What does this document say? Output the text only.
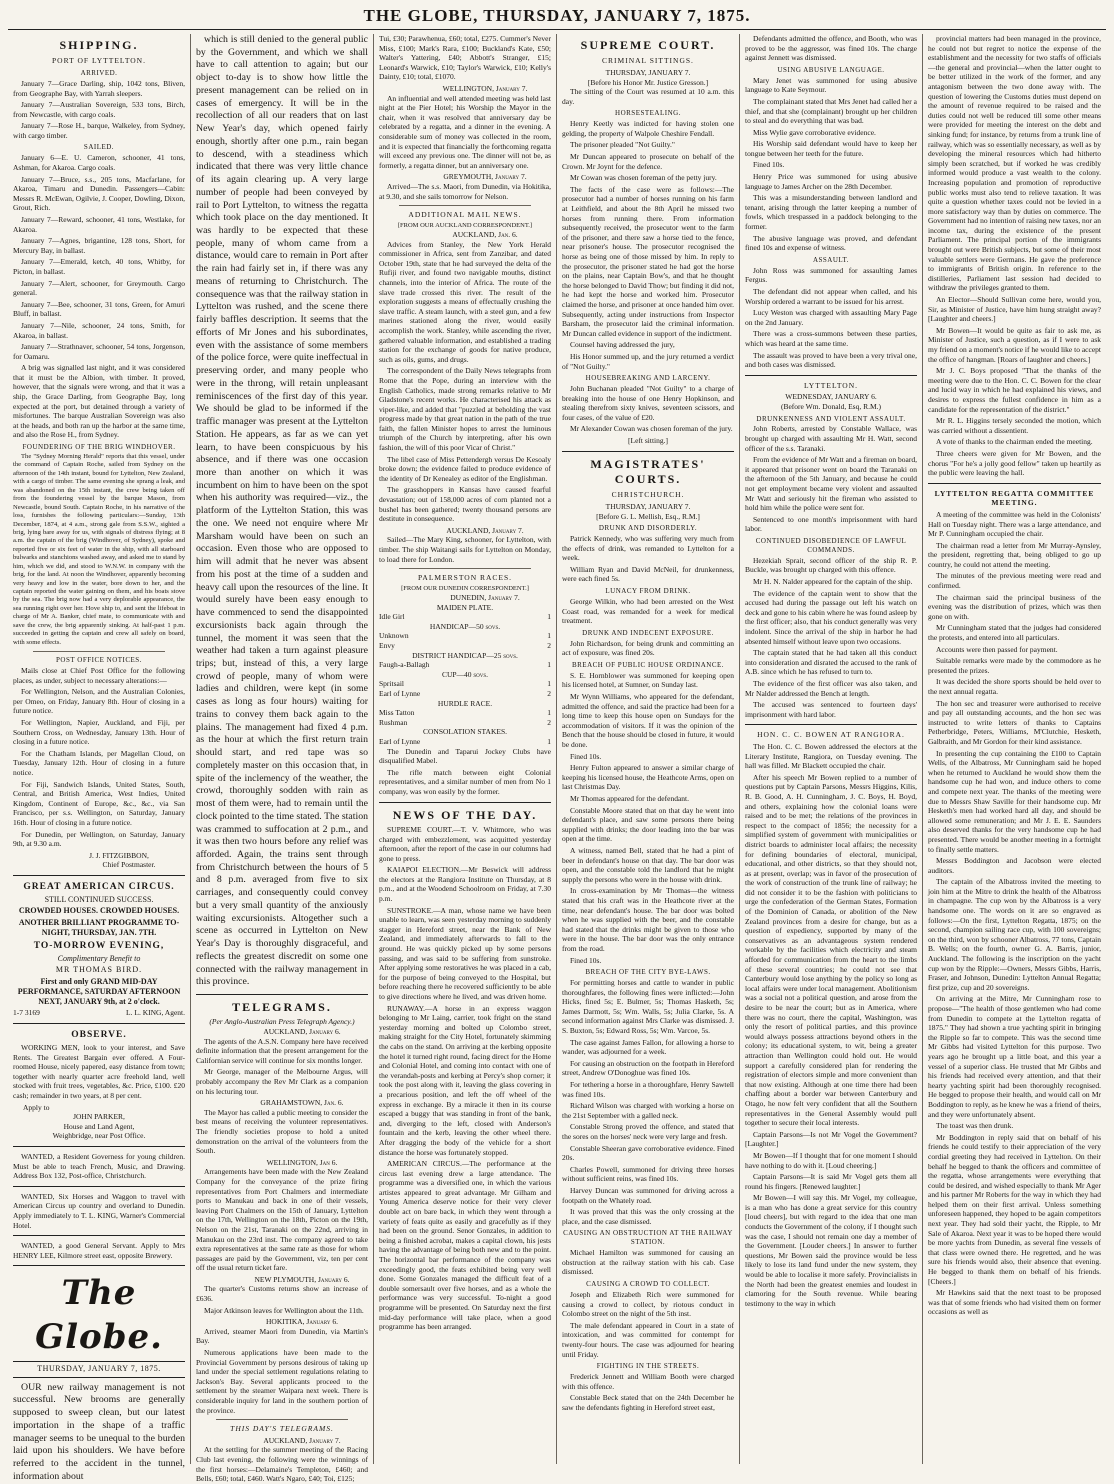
THE GLOBE, THURSDAY, JANUARY 7, 1875.
SHIPPING.
PORT OF LYTTELTON.
ARRIVED.

January 7—Grace Darling, ship, 1042 tons, Bliven, from Geographe Bay, with Yarrah sleepers.

January 7—Australian Sovereign, 533 tons, Birch, from Newcastle, with cargo coals.

January 7—Rose H., barque, Walkeley, from Sydney, with cargo timber.

SAILED.

January 6—E. U. Cameron, schooner, 41 tons, Ashman, for Akaroa. Cargo coals.

January 7—Bruce, s.s., 205 tons, Macfarlane, for Akaroa, Timaru and Dunedin. Passengers—Cabin: Messrs R. McEwan, Ogilvie, J. Cooper, Dowling, Dixon, Grout, Rich.

January 7—Reward, schooner, 41 tons, Westlake, for Akaroa.

January 7—Agnes, brigantine, 128 tons, Short, for Mercury Bay, in ballast.

January 7—Emerald, ketch, 40 tons, Whitby, for Picton, in ballast.

January 7—Alert, schooner, for Greymouth. Cargo general.

January 7—Bee, schooner, 31 tons, Green, for Amuri Bluff, in ballast.

January 7—Nile, schooner, 24 tons, Smith, for Akaroa, in ballast.

January 7—Strathnaver, schooner, 54 tons, Jorgenson, for Oamaru.

A brig was signalled last night, and it was considered that it must be the Albion, with timber. It proved, however, that the signals were wrong, and that it was a ship, the Grace Darling, from Geographe Bay, long expected at the port, but detained through a variety of misfortunes. The barque Australian Sovereign was also at the heads, and both ran up the harbor at the same time, and also the Rose H., from Sydney.

FOUNDERING OF THE BRIG WINDHOVER.

The "Sydney Morning Herald" reports that this vessel, under the command of Captain Roche, sailed from Sydney on the afternoon of the 14th instant, bound for Lyttelton, New Zealand, with a cargo of timber. The same evening she sprang a leak, and was abandoned on the 15th instant, the crew being taken off from the foundering vessel by the barque Mason, from Newcastle, bound South. Captain Roche, in his narrative of the loss, furnishes the following particulars:—Sunday, 13th December, 1874, at 4 a.m., strong gale from S.S.W., sighted a brig, lying bare away for us, with signals of distress flying; at 8 a.m. the captain of the brig (Windhover, of Sydney), spoke and reported five or six feet of water in the ship, with all starboard bulwarks and stanchions washed away, and asked me to stand by him, which we did, and stood to W.N.W. in company with the brig, for the land. At noon the Windhover, apparently becoming very heavy and low in the water, bore down to her, and the captain reported the water gaining on them, and his boats stove by the sea. The brig now had a very deplorable appearance, the sea running right over her. Hove ship to, and sent the lifeboat in charge of Mr A. Banker, chief mate, to communicate with and save the crew, the brig apparently sinking. At half-past 1 p.m. succeeded in getting the captain and crew all safely on board, with some effects.

POST OFFICE NOTICES.

Mails close at Chief Post Office for the following places, as under, subject to necessary alterations:—

For Wellington, Nelson, and the Australian Colonies, per Omeo, on Friday, January 8th. Hour of closing in a future notice.

For Wellington, Napier, Auckland, and Fiji, per Southern Cross, on Wednesday, January 13th. Hour of closing in a future notice.

For the Chatham Islands, per Magellan Cloud, on Tuesday, January 12th. Hour of closing in a future notice.

For Fiji, Sandwich Islands, United States, South, Central, and British America, West Indies, United Kingdom, Continent of Europe, &c., &c., via San Francisco, per s.s. Wellington, on Saturday, January 16th. Hour of closing in a future notice.

For Dunedin, per Wellington, on Saturday, January 9th, at 9.30 a.m.

J. J. FITZGIBBON,
Chief Postmaster.
GREAT AMERICAN CIRCUS.
STILL CONTINUED SUCCESS.
CROWDED HOUSES. CROWDED HOUSES.
ANOTHER BRILLIANT PROGRAMME TO-NIGHT, THURSDAY, JAN. 7TH.
TO-MORROW EVENING,
Complimentary Benefit to
MR THOMAS BIRD.
First and only GRAND MID-DAY PERFORMANCE, SATURDAY AFTERNOON NEXT, JANUARY 9th, at 2 o'clock.
1-7 3169	L. L. KING, Agent.
OBSERVE.

WORKING MEN, look to your interest, and Save Rents. The Greatest Bargain ever offered. A Four-roomed House, nicely papered, easy distance from town; together with nearly quarter acre freehold land, well stocked with fruit trees, vegetables, &c. Price, £100. £20 cash; remainder in two years, at 8 per cent.

Apply to
JOHN PARKER,
House and Land Agent,
Weighbridge, near Post Office.

WANTED, a Resident Governess for young children. Must be able to teach French, Music, and Drawing. Address Box 132, Post-office, Christchurch.

WANTED, Six Horses and Waggon to travel with American Circus up country and overland to Dunedin. Apply immediately to T. L. KING, Warner's Commercial Hotel.

WANTED, a good General Servant. Apply to Mrs HENRY LEE, Kilmore street east, opposite Brewery.

The Globe.
THURSDAY, JANUARY 7, 1875.

OUR new railway management is not successful. New brooms are generally supposed to sweep clean, but our latest importation in the shape of a traffic manager seems to be unequal to the burden laid upon his shoulders. We have before referred to the accident in the tunnel, information about

which is still denied to the general public by the Government, and which we shall have to call attention to again; but our object to-day is to show how little the present management can be relied on in cases of emergency. It will be in the recollection of all our readers that on last New Year's day, which opened fairly enough, shortly after one p.m., rain began to descend, with a steadiness which indicated that there was very little chance of its again clearing up. A very large number of people had been conveyed by rail to Port Lyttelton, to witness the regatta which took place on the day mentioned. It was hardly to be expected that these people, many of whom came from a distance, would care to remain in Port after the rain had fairly set in, if there was any means of returning to Christchurch. The consequence was that the railway station in Lyttelton was rushed, and the scene there fairly baffles description. It seems that the efforts of Mr Jones and his subordinates, even with the assistance of some members of the police force, were quite ineffectual in preserving order, and many people who were in the throng, will retain unpleasant reminiscences of the first day of this year. We should be glad to be informed if the traffic manager was present at the Lyttelton Station. He appears, as far as we can yet learn, to have been conspicuous by his absence, and if there was one occasion more than another on which it was incumbent on him to have been on the spot when his authority was required—viz., the platform of the Lyttelton Station, this was the one. We need not enquire where Mr Marsham would have been on such an occasion. Even those who are opposed to him will admit that he never was absent from his post at the time of a sudden and heavy call upon the resources of the line. It would surely have been easy enough to have commenced to send the disappointed excursionists back again through the tunnel, the moment it was seen that the weather had taken a turn against pleasure trips; but, instead of this, a very large crowd of people, many of whom were ladies and children, were kept (in some cases as long as four hours) waiting for trains to convey them back again to the plains. The management had fixed 4 p.m. as the hour at which the first return train should start, and red tape was so completely master on this occasion that, in spite of the inclemency of the weather, the crowd, thoroughly sodden with rain as most of them were, had to remain until the clock pointed to the time stated. The station was crammed to suffocation at 2 p.m., and it was then two hours before any relief was afforded. Again, the trains sent through from Christchurch between the hours of 5 and 8 p.m. averaged from five to six carriages, and consequently could convey but a very small quantity of the anxiously waiting excursionists. Altogether such a scene as occurred in Lyttelton on New Year's Day is thoroughly disgraceful, and reflects the greatest discredit on some one connected with the railway management in this province.

TELEGRAMS.
(Per Anglo-Australian Press Telegraph Agency.)
AUCKLAND, January 6.

The agents of the A.S.N. Company here have received definite information that the present arrangement for the Californian service will continue for six months longer.

Mr George, manager of the Melbourne Argus, will probably accompany the Rev Mr Clark as a companion on his lecturing tour.

GRAHAMSTOWN, Jan. 6.

The Mayor has called a public meeting to consider the best means of receiving the volunteer representatives. The friendly societies propose to hold a united demonstration on the arrival of the volunteers from the South.

WELLINGTON, Jan 6.

Arrangements have been made with the New Zealand Company for the conveyance of the prize firing representatives from Port Chalmers and intermediate ports to Manukau and back in one of their vessels, leaving Port Chalmers on the 15th of January, Lyttelton on the 17th, Wellington on the 18th, Picton on the 19th, Nelson on the 21st, Taranaki on the 22nd, arriving in Manukau on the 23rd inst. The company agreed to take extra representatives at the same rate as those for whom passages are paid by the Government, viz, ten per cent off the usual return ticket fare.

NEW PLYMOUTH, January 6.

The quarter's Customs returns show an increase of £636.

Major Atkinson leaves for Wellington about the 11th.

HOKITIKA, January 6.

Arrived, steamer Maori from Dunedin, via Martin's Bay.

Numerous applications have been made to the Provincial Government by persons desirous of taking up land under the special settlement regulations relating to Jackson's Bay. Several applicants proceed to the settlement by the steamer Waipara next week. There is considerable inquiry for land in the southern portion of the province.

THIS DAY'S TELEGRAMS.
AUCKLAND, January 7.

At the settling for the summer meeting of the Racing Club last evening, the following were the winnings of the first horses:—Delamaine's Templeton, £460; and Bells, £60; total, £460. Watt's Ngaro, £40; Toi, £125;

Tui, £30; Parawhenua, £60; total, £275. Cummer's Never Miss, £100; Mark's Rara, £100; Buckland's Kate, £50; Walter's Yattering, £40; Abbott's Stranger, £15; Leonard's Warwick, £10; Taylor's Warwick, £10; Kelly's Dainty, £10; total, £1070.

WELLINGTON, January 7.

An influential and well attended meeting was held last night at the Pier Hotel; his Worship the Mayor in the chair, when it was resolved that anniversary day be celebrated by a regatta, and a dinner in the evening. A considerable sum of money was collected in the room, and it is expected that financially the forthcoming regatta will exceed any previous one. The dinner will not be, as formerly, a regatta dinner, but an anniversary one.

GREYMOUTH, January 7.

Arrived—The s.s. Maori, from Dunedin, via Hokitika, at 9.30, and she sails tomorrow for Nelson.

ADDITIONAL MAIL NEWS.
[FROM OUR AUCKLAND CORRESPONDENT.]
AUCKLAND, Jan. 6.

Advices from Stanley, the New York Herald commissioner in Africa, sent from Zanzibar, and dated October 19th, state that he had surveyed the delta of the Rufiji river, and found two navigable mouths, distinct channels, into the interior of Africa. The route of the slave trade crossed this river. The result of the exploration suggests a means of effectually crushing the slave traffic. A steam launch, with a steel gun, and a few marines stationed along the river, would easily accomplish the work. Stanley, while ascending the river, gathered valuable information, and established a trading station for the exchange of goods for native produce, such as oils, gums, and drugs.

The correspondent of the Daily News telegraphs from Rome that the Pope, during an interview with the English Catholics, made strong remarks relative to Mr Gladstone's recent works. He characterised his attack as viper-like, and added that "puzzled at beholding the vast progress made by that great nation in the path of the true faith, the fallen Minister hopes to arrest the luminous triumph of the Church by interpreting, after his own fashion, the will of this poor Vicar of Christ."

The libel case of Miss Pettendergh versus De Kesoaly broke down; the evidence failed to produce evidence of the identity of Dr Kenealey as editor of the Englishman.

The grasshoppers in Kansas have caused fearful devastation; out of 158,000 acres of corn planted not a bushel has been gathered; twenty thousand persons are destitute in consequence.

AUCKLAND, January 7.

Sailed—The Mary King, schooner, for Lyttelton, with timber. The ship Waitangi sails for Lyttelton on Monday, to load there for London.

PALMERSTON RACES.
[FROM OUR DUNEDIN CORRESPONDENT.]
DUNEDIN, January 7.
MAIDEN PLATE.
Idle Girl	1
HANDICAP—50 sovs.
Unknown	1
Envy	2
DISTRICT HANDICAP—25 sovs.
Faugh-a-Ballagh	1
CUP—40 sovs.
Spritsail	1
Earl of Lynne	2
HURDLE RACE.
Miss Tatton	1
Rushman	2
CONSOLATION STAKES.
Earl of Lynne	1

The Dunedin and Taparui Jockey Clubs have disqualified Mabel.

The rifle match between eight Colonial representatives, and a similar number of men from No 1 company, was won easily by the former.

NEWS OF THE DAY.

SUPREME COURT.—T. V. Whitmore, who was charged with embezzlement, was acquitted yesterday afternoon, after the report of the case in our columns had gone to press.

KAIAPOI ELECTION.—Mr Beswick will address the electors at the Rangiora Institute on Thursday, at 8 p.m., and at the Woodend Schoolroom on Friday, at 7.30 p.m.

SUNSTROKE.—A man, whose name we have been unable to learn, was seen yesterday morning to suddenly stagger in Hereford street, near the Bank of New Zealand, and immediately afterwards to fall to the ground. He was quickly picked up by some persons passing, and was said to be suffering from sunstroke. After applying some restoratives he was placed in a cab, for the purpose of being conveyed to the Hospital, but before reaching there he recovered sufficiently to be able to give directions where he lived, and was driven home.

RUNAWAY.—A horse in an express waggon belonging to Mr Laing, carrier, took fright on the stand yesterday morning and bolted up Colombo street, making straight for the City Hotel, fortunately skimming the cabs on the stand. On arriving at the kerbing opposite the hotel it turned right round, facing direct for the Home and Colonial Hotel, and coming into contact with one of the verandah-posts and kerbing at Percy's shop corner; it took the post along with it, leaving the glass covering in a precarious position, and left the off wheel of the express in exchange. By a miracle it then in its course escaped a buggy that was standing in front of the bank, and, diverging to the left, closed with Anderson's fountain and the kerb, leaving the other wheel there. After dragging the body of the vehicle for a short distance the horse was fortunately stopped.

AMERICAN CIRCUS.—The performance at the circus last evening drew a large attendance. The programme was a diversified one, in which the various artistes appeared to great advantage. Mr Gilham and Young America deserve notice for their very clever double act on bare back, in which they went through a variety of feats quite as easily and gracefully as if they had been on the ground. Senor Gonzales, in addition to being a finished acrobat, makes a capital clown, his jests having the advantage of being both new and to the point. The horizontal bar performance of the company was exceedingly good, the feats exhibited being very well done. Some Gonzales managed the difficult feat of a double somersault over five horses, and as a whole the performance was very successful. To-night a good programme will be presented. On Saturday next the first mid-day performance will take place, when a good programme has been arranged.

SUPREME COURT.
CRIMINAL SITTINGS.
THURSDAY, JANUARY 7.
[Before his Honor Mr. Justice Gresson.]

The sitting of the Court was resumed at 10 a.m. this day.

HORSESTEALING.

Henry Keetly was indicted for having stolen one gelding, the property of Walpole Cheshire Fendall.

The prisoner pleaded "Not Guilty."

Mr Duncan appeared to prosecute on behalf of the Crown. Mr Joynt for the defence.

Mr Cowan was chosen foreman of the petty jury.

The facts of the case were as follows:—The prosecutor had a number of horses running on his farm at Leithfield, and about the 8th April he missed two horses from running there. From information subsequently received, the prosecutor went to the farm of the prisoner, and there saw a horse tied to the fence, near prisoner's house. The prosecutor recognised the horse as being one of those missed by him. In reply to the prosecutor, the prisoner stated he had got the horse on the plains, near Captain Bow's, and that he thought the horse belonged to David Thow; but finding it did not, he had kept the horse and worked him. Prosecutor claimed the horse, and prisoner at once handed him over. Subsequently, acting under instructions from Inspector Barsham, the prosecutor laid the criminal information. Mr Duncan called evidence in support of the indictment.

Counsel having addressed the jury,

His Honor summed up, and the jury returned a verdict of "Not Guilty."

HOUSEBREAKING AND LARCENY.

John Buchanan pleaded "Not Guilty" to a charge of breaking into the house of one Henry Hopkinson, and stealing therefrom sixty knives, seventeen scissors, and four cases, of the value of £20.

Mr Alexander Cowan was chosen foreman of the jury.

[Left sitting.]
MAGISTRATES' COURTS.
CHRISTCHURCH.
THURSDAY, JANUARY 7.
[Before G. L. Mellish, Esq., R.M.]
DRUNK AND DISORDERLY.

Patrick Kennedy, who was suffering very much from the effects of drink, was remanded to Lyttelton for a week.

William Ryan and David McNeil, for drunkenness, were each fined 5s.

LUNACY FROM DRINK.

George Wilkin, who had been arrested on the West Coast road, was remanded for a week for medical treatment.

DRUNK AND INDECENT EXPOSURE.

John Richardson, for being drunk and committing an act of exposure, was fined 20s.

BREACH OF PUBLIC HOUSE ORDINANCE.

S. E. Hornblower was summoned for keeping open his licensed hotel, at Sumner, on Sunday last.

Mr Wynn Williams, who appeared for the defendant, admitted the offence, and said the practice had been for a long time to keep this house open on Sundays for the accommodation of visitors. If it was the opinion of the Bench that the house should be closed in future, it would be done.

Fined 10s.

Henry Fulton appeared to answer a similar charge of keeping his licensed house, the Heathcote Arms, open on last Christmas Day.

Mr Thomas appeared for the defendant.

Constable Moore stated that on that day he went into defendant's place, and saw some persons there being supplied with drinks; the door leading into the bar was open at the time.

A witness, named Bell, stated that he had a pint of beer in defendant's house on that day. The bar door was open, and the constable told the landlord that he might supply the persons who were in the house with drink.

In cross-examination by Mr Thomas—the witness stated that his craft was in the Heathcote river at the time, near defendant's house. The bar door was bolted when he was supplied with the beer, and the constable had stated that the drinks might be given to those who were in the house. The bar door was the only entrance from the road.

Fined 10s.

BREACH OF THE CITY BYE-LAWS.

For permitting horses and cattle to wander in public thoroughfares, the following fines were inflicted:—John Hicks, fined 5s; E. Bulmer, 5s; Thomas Hasketh, 5s; James Darmott, 5s; Wm. Walls, 5s; Julia Clarke, 5s. A second information against Mrs Clarke was dismissed. J. S. Buxton, 5s; Edward Ross, 5s; Wm. Varcoe, 5s.

The case against James Fallon, for allowing a horse to wander, was adjourned for a week.

For causing an obstruction on the footpath in Hereford street, Andrew O'Donoghue was fined 10s.

For tethering a horse in a thoroughfare, Henry Sawtell was fined 10s.

Richard Wilson was charged with working a horse on the 21st September with a galled neck.

Constable Strong proved the offence, and stated that the sores on the horses' neck were very large and fresh.

Constable Sheeran gave corroborative evidence. Fined 20s.

Charles Powell, summoned for driving three horses without sufficient reins, was fined 10s.

Harvey Duncan was summoned for driving across a footpath on the Whately road.

It was proved that this was the only crossing at the place, and the case dismissed.

CAUSING AN OBSTRUCTION AT THE RAILWAY STATION.

Michael Hamilton was summoned for causing an obstruction at the railway station with his cab. Case dismissed.

CAUSING A CROWD TO COLLECT.

Joseph and Elizabeth Rich were summoned for causing a crowd to collect, by riotous conduct in Colombo street on the night of the 5th inst.

The male defendant appeared in Court in a state of intoxication, and was committed for contempt for twenty-four hours. The case was adjourned for hearing until Friday.

FIGHTING IN THE STREETS.

Frederick Jennett and William Booth were charged with this offence.

Constable Beck stated that on the 24th December he saw the defendants fighting in Hereford street east,

Defendants admitted the offence, and Booth, who was proved to be the aggressor, was fined 10s. The charge against Jennett was dismissed.

USING ABUSIVE LANGUAGE.

Mary Jenet was summoned for using abusive language to Kate Seymour.

The complainant stated that Mrs Jenet had called her a thief, and that she (complainant) brought up her children to steal and do everything that was bad.

Miss Wylie gave corroborative evidence.

His Worship said defendant would have to keep her tongue between her teeth for the future.

Fined 10s.

Henry Price was summoned for using abusive language to James Archer on the 28th December.

This was a misunderstanding between landlord and tenant, arising through the latter keeping a number of fowls, which trespassed in a paddock belonging to the former.

The abusive language was proved, and defendant fined 10s and expense of witness.

ASSAULT.

John Ross was summoned for assaulting James Fergus.

The defendant did not appear when called, and his Worship ordered a warrant to be issued for his arrest.

Lucy Weston was charged with assaulting Mary Page on the 2nd January.

There was a cross-summons between these parties, which was heard at the same time.

The assault was proved to have been a very trival one, and both cases was dismissed.

LYTTELTON.
WEDNESDAY, JANUARY 6.
(Before Wm. Donald, Esq, R.M.)
DRUNKENNESS AND VIOLENT ASSAULT.

John Roberts, arrested by Constable Wallace, was brought up charged with assaulting Mr H. Watt, second officer of the s.s. Taranaki.

From the evidence of Mr Watt and a fireman on board, it appeared that prisoner went on board the Taranaki on the afternoon of the 5th January, and because he could not get employment became very violent and assaulted Mr Watt and seriously hit the fireman who assisted to hold him while the police were sent for.

Sentenced to one month's imprisonment with hard labor.

CONTINUED DISOBEDIENCE OF LAWFUL COMMANDS.

Hezekiah Sprait, second officer of the ship R. P. Buckle, was brought up charged with this offence.

Mr H. N. Nalder appeared for the captain of the ship.

The evidence of the captain went to show that the accused had during the passage out left his watch on deck and gone to his cabin where he was found asleep by the first officer; also, that his conduct generally was very indolent. Since the arrival of the ship in harbor he had absented himself without leave upon two occasions.

The captain stated that he had taken all this conduct into consideration and disrated the accused to the rank of A.B. since which he has refused to turn to.

The evidence of the first officer was also taken, and Mr Nalder addressed the Bench at length.

The accused was sentenced to fourteen days' imprisonment with hard labor.

HON. C. C. BOWEN AT RANGIORA.

The Hon. C. C. Bowen addressed the electors at the Literary Institute, Rangiora, on Tuesday evening. The hall was filled. Mr Blackett occupied the chair.

After his speech Mr Bowen replied to a number of questions put by Captain Parsons, Messrs Higgins, Kilis, R. B. Good, A. H. Cunningham, J. C. Boys, H. Boyd, and others, explaining how the colonial loans were raised and to be met; the relations of the provinces in respect to the compact of 1856; the necessity for a simplified system of government with municipalities or district boards to administer local affairs; the necessity for defining boundaries of electoral, municipal, educational, and other districts, so that they should not, as at present, overlap; was in favor of the prosecution of the work of construction of the trunk line of railway; he did not consider it to be the fashion with politicians to urge the confederation of the German States, Formation of the Dominion of Canada, or abolition of the New Zealand provinces from a desire for change, but as a question of expediency, supported by many of the conservatives as an advantageous system rendered workable by the facilities which electricity and steam afforded for communication from the heart to the limbs of these several countries; he could not see that Canterbury would lose anything by the policy so long as local affairs were under local management. Abolitionism was a social not a political question, and arose from the desire to be near the court; but as in America, where there was no court, there the capital, Washington, was only the resort of political parties, and this province would always possess attractions beyond others in the colony; its educational system, to wit, being a greater attraction than Wellington could hold out. He would support a carefully considered plan for rendering the registration of electors simple and more convenient than that now existing. Although at one time there had been chaffing about a border war between Canterbury and Otago, he now felt very confident that all the Southern representatives in the General Assembly would pull together to secure their local interests.

Captain Parsons—Is not Mr Vogel the Government? [Laughter.]

Mr Bowen—If I thought that for one moment I should have nothing to do with it. [Loud cheering.]

Captain Parsons—It is said Mr Vogel gets them all round his fingers. [Renewed laughter.]

Mr Bowen—I will say this. Mr Vogel, my colleague, is a man who has done a great service for this country [loud cheers], but with regard to the idea that one man conducts the Government of the colony, if I thought such was the case, I should not remain one day a member of the Government. [Louder cheers.] In answer to further questions, Mr Bowen said the province would be less likely to lose its land fund under the new system, they would be able to localise it more safely. Provincialists in the North had been the greatest enemies and loudest in clamoring for the South revenue. While bearing testimony to the way in which

provincial matters had been managed in the province, he could not but regret to notice the expense of the establishment and the necessity for two staffs of officials—the general and provincial—when the latter ought to be better utilized in the work of the former, and any antagonism between the two done away with. The question of lowering the Customs duties must depend on the amount of revenue required to be raised and the duties could not well be reduced till some other means were provided for meeting the interest on the debt and sinking fund; for instance, by returns from a trunk line of railway, which was so essentially necessary, as well as by developing the mineral resources which had hitherto simply been scratched, but if worked he was credibly informed would produce a vast wealth to the colony. Increasing population and promotion of reproductive public works must also tend to relieve taxation. It was quite a question whether taxes could not be levied in a more satisfactory way than by duties on commerce. The Government had no intention of raising new taxes, nor an income tax, during the existence of the present Parliament. The principal portion of the immigrants brought out were British subjects, but some of their most valuable settlers were Germans. He gave the preference to immigrants of British origin. In reference to the distilleries, Parliament last session had decided to withdraw the privileges granted to them.

An Elector—Should Sullivan come here, would you, Sir, as Minister of Justice, have him hung straight away? [Laughter and cheers.]

Mr Bowen—It would be quite as fair to ask me, as Minister of Justice, such a question, as if I were to ask my friend on a moment's notice if he would like to accept the office of hangman. [Roars of laughter and cheers.]

Mr J. C. Boys proposed "That the thanks of the meeting were due to the Hon. C. C. Bowen for the clear and lucid way in which he had explained his views, and desires to express the fullest confidence in him as a candidate for the representation of the district."

Mr R. L. Higgins tersely seconded the motion, which was carried without a dissentient.

A vote of thanks to the chairman ended the meeting.

Three cheers were given for Mr Bowen, and the chorus "For he's a jolly good fellow" taken up heartily as the public were leaving the hall.

LYTTELTON REGATTA COMMITTEE MEETING.

A meeting of the committee was held in the Colonists' Hall on Tuesday night. There was a large attendance, and Mr P. Cunningham occupied the chair.

The chairman read a letter from Mr Murray-Aynsley, the president, regretting that, being obliged to go up country, he could not attend the meeting.

The minutes of the previous meeting were read and confirmed.

The chairman said the principal business of the evening was the distribution of prizes, which was then gone on with.

Mr Cunningham stated that the judges had considered the protests, and entered into all particulars.

Accounts were then passed for payment.

Suitable remarks were made by the commodore as he presented the prizes.

It was decided the shore sports should be held over to the next annual regatta.

The hon sec and treasurer were authorised to receive and pay all outstanding accounts, and the hon sec was instructed to write letters of thanks to Captains Petherbridge, Peters, Williams, M'Clutchie, Hesketh, Galbraith, and Mr Gordon for their kind assistance.

In presenting the cup containing the £100 to Captain Wells, of the Albatross, Mr Cunningham said he hoped when he returned to Auckland he would show them the handsome cup he had won, and induce others to come and compete next year. The thanks of the meeting were due to Messrs Shaw Saville for their handsome cup. Mr Hesketh's men had worked hard all day, and should be allowed some remuneration; and Mr J. E. E. Saunders also deserved thanks for the very handsome cup he had presented. There would be another meeting in a fortnight to finally settle matters.

Messrs Boddington and Jacobson were elected auditors.

The captain of the Albatross invited the meeting to join him at the Mitre to drink the health of the Albatross in champagne. The cup won by the Albatross is a very handsome one. The words on it are so engraved as follows:—On the first, Lyttelton Regatta, 1875; on the second, champion sailing race cup, with 100 sovereigns; on the third, won by schooner Albatross, 77 tons, Captain B. Wells; on the fourth, owner G. A. Barris, junior, Auckland. The following is the inscription on the yacht cup won by the Ripple:—Owners, Messrs Gibbs, Harris, Fraser, and Johnson, Dunedin: Lyttelton Annual Regatta; first prize, cup and 20 sovereigns.

On arriving at the Mitre, Mr Cunningham rose to propose—"The health of those gentlemen who had come from Dunedin to compete at the Lyttelton regatta of 1875." They had shown a true yachting spirit in bringing the Ripple so far to compete. This was the second time Mr Gibbs had visited Lyttelton for this purpose. Two years ago he brought up a little boat, and this year a vessel of a superior class. He trusted that Mr Gibbs and his friends had received every attention, and that their hearty yachting spirit had been thoroughly recognised. He begged to propose their health, and would call on Mr Boddington to reply, as he knew he was a friend of theirs, and they were unfortunately absent.

The toast was then drunk.

Mr Boddington in reply said that on behalf of his friends he could testify to their appreciation of the very cordial greeting they had received in Lyttelton. On their behalf he begged to thank the officers and committee of the regatta, whose arrangements were everything that could be desired, and wished especially to thank Mr Ager and his partner Mr Roberts for the way in which they had helped them on their first arrival. Unless something unforeseen happened, they hoped to be again competitors next year. They had sold their yacht, the Ripple, to Mr Sale of Akaroa. Next year it was to be hoped there would be more yachts from Dunedin, as several fine vessels of that class were owned there. He regretted, and he was sure his friends would also, their absence that evening. He begged to thank them on behalf of his friends. [Cheers.]

Mr Hawkins said that the next toast to be proposed was that of some friends who had visited them on former occasions as well as
